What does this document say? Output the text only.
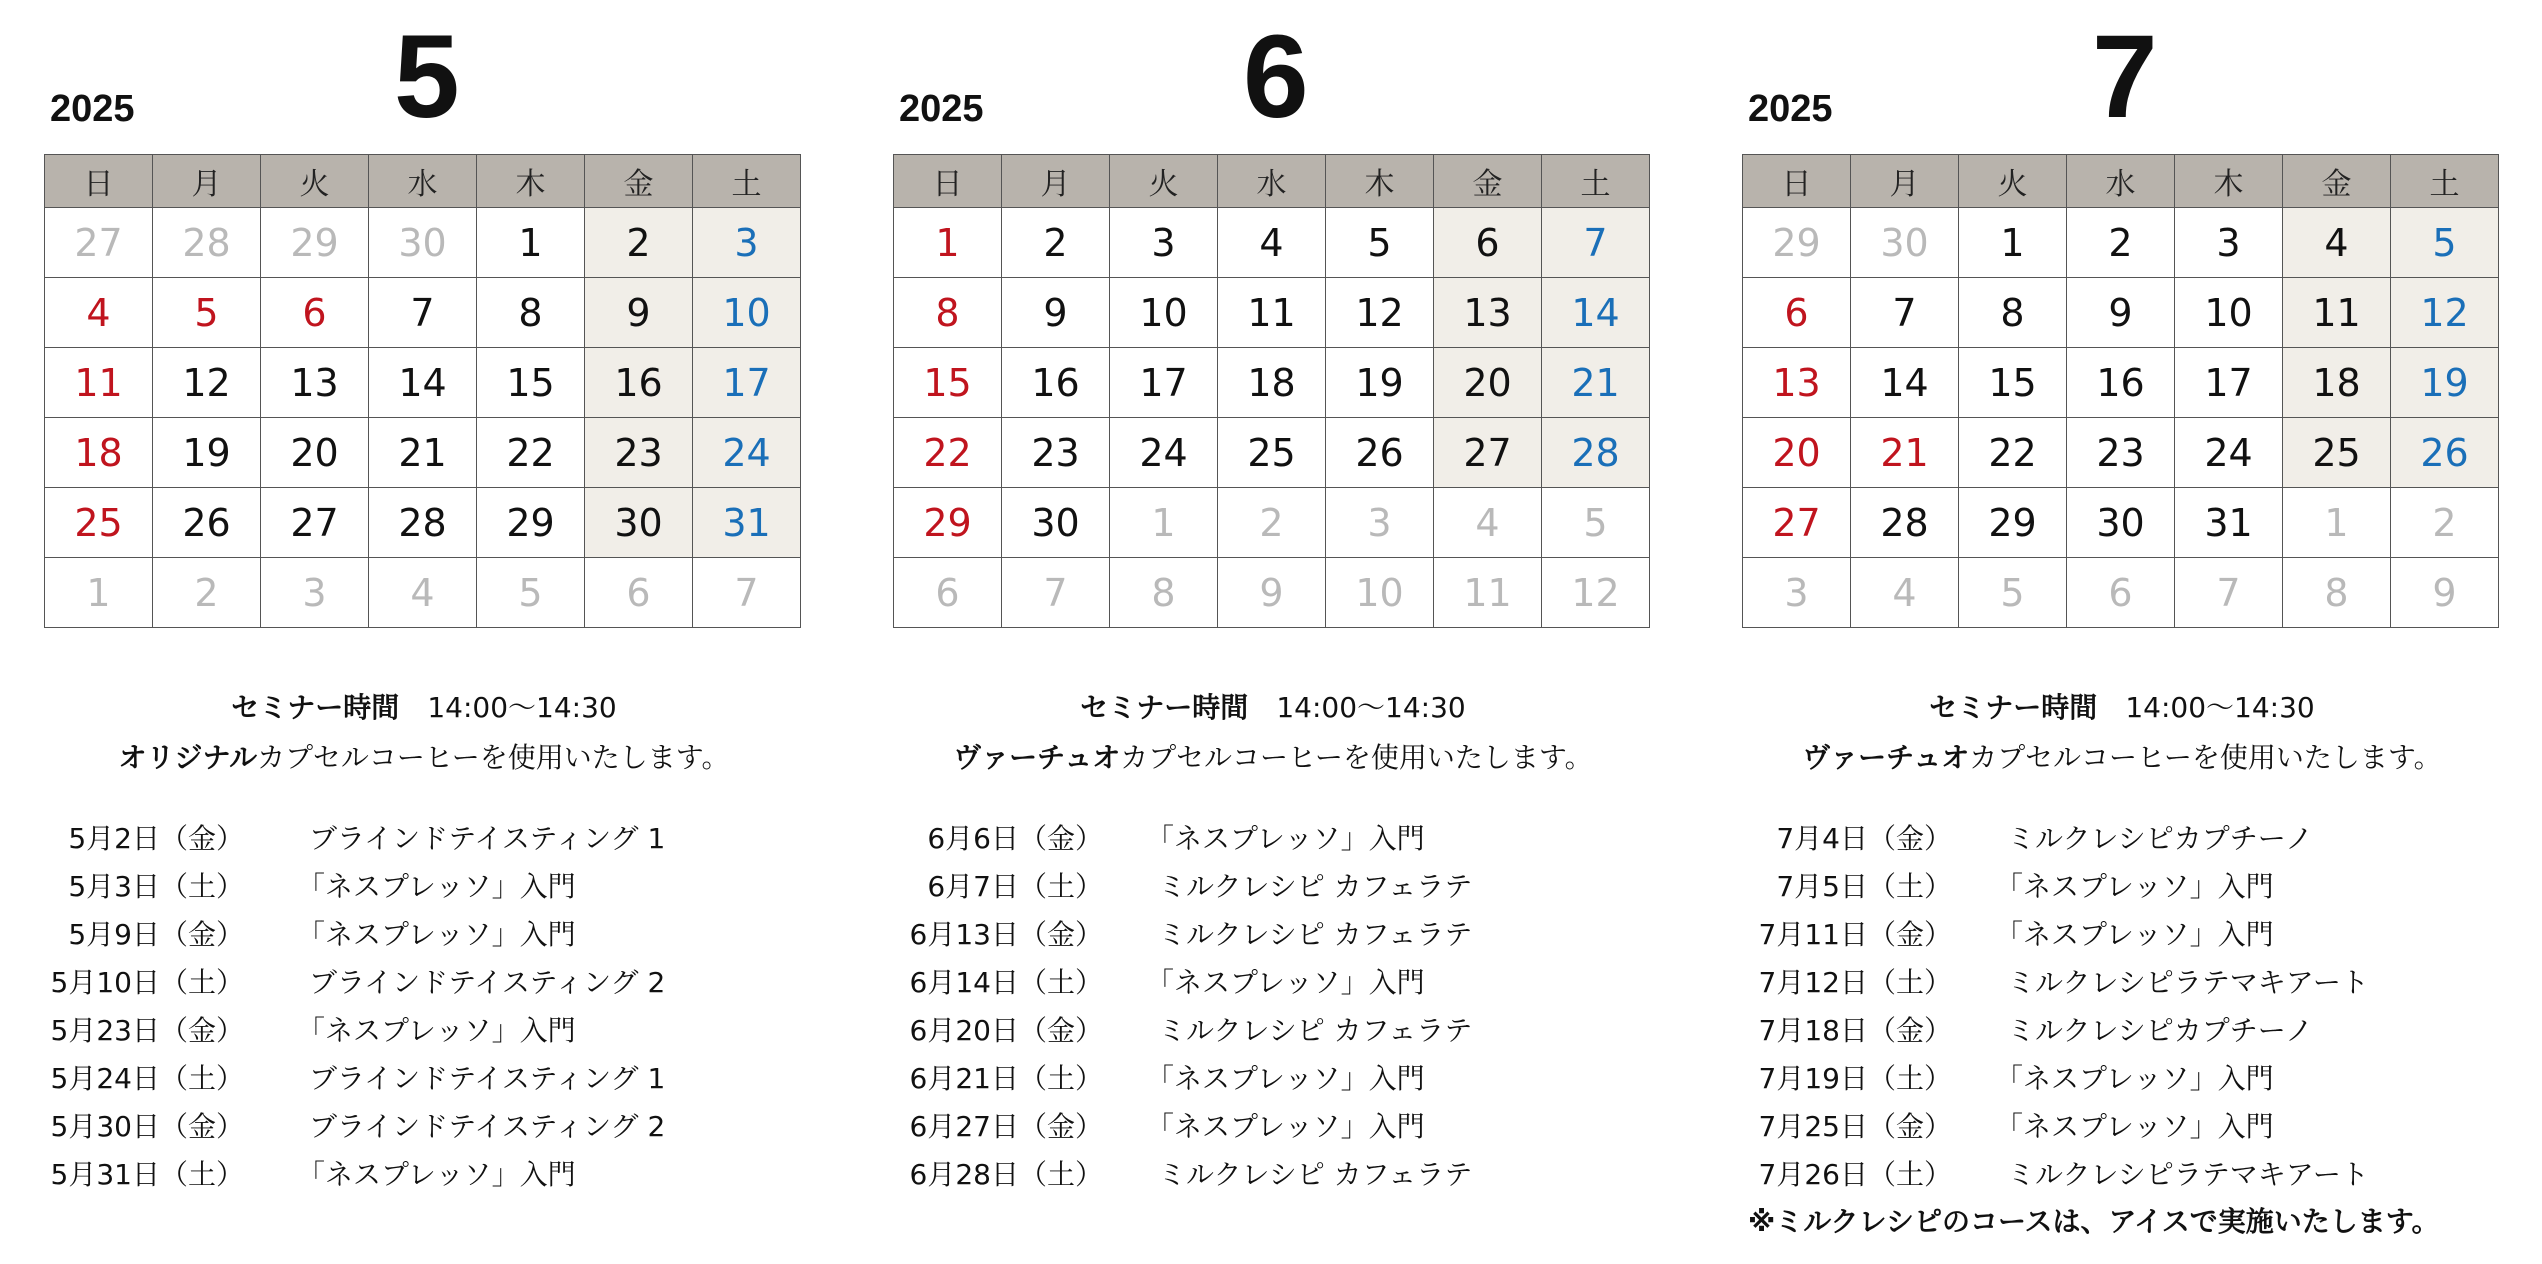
2025 5
日	月	火	水	木	金	土
27	28	29	30	1	2	3
4	5	6	7	8	9	10
11	12	13	14	15	16	17
18	19	20	21	22	23	24
25	26	27	28	29	30	31
1	2	3	4	5	6	7
セミナー時間 14:00〜14:30
オリジナルカプセルコーヒーを使用いたします。
5月2日（金） ブラインドテイスティング 1
5月3日（土） 「ネスプレッソ」入門
5月9日（金） 「ネスプレッソ」入門
5月10日（土） ブラインドテイスティング 2
5月23日（金） 「ネスプレッソ」入門
5月24日（土） ブラインドテイスティング 1
5月30日（金） ブラインドテイスティング 2
5月31日（土） 「ネスプレッソ」入門
2025 6
日	月	火	水	木	金	土
1	2	3	4	5	6	7
8	9	10	11	12	13	14
15	16	17	18	19	20	21
22	23	24	25	26	27	28
29	30	1	2	3	4	5
6	7	8	9	10	11	12
セミナー時間 14:00〜14:30
ヴァーチュオカプセルコーヒーを使用いたします。
6月6日（金） 「ネスプレッソ」入門
6月7日（土） ミルクレシピ カフェラテ
6月13日（金） ミルクレシピ カフェラテ
6月14日（土） 「ネスプレッソ」入門
6月20日（金） ミルクレシピ カフェラテ
6月21日（土） 「ネスプレッソ」入門
6月27日（金） 「ネスプレッソ」入門
6月28日（土） ミルクレシピ カフェラテ
2025 7
日	月	火	水	木	金	土
29	30	1	2	3	4	5
6	7	8	9	10	11	12
13	14	15	16	17	18	19
20	21	22	23	24	25	26
27	28	29	30	31	1	2
3	4	5	6	7	8	9
セミナー時間 14:00〜14:30
ヴァーチュオカプセルコーヒーを使用いたします。
7月4日（金） ミルクレシピカプチーノ
7月5日（土） 「ネスプレッソ」入門
7月11日（金） 「ネスプレッソ」入門
7月12日（土） ミルクレシピラテマキアート
7月18日（金） ミルクレシピカプチーノ
7月19日（土） 「ネスプレッソ」入門
7月25日（金） 「ネスプレッソ」入門
7月26日（土） ミルクレシピラテマキアート
※ミルクレシピのコースは、アイスで実施いたします。
